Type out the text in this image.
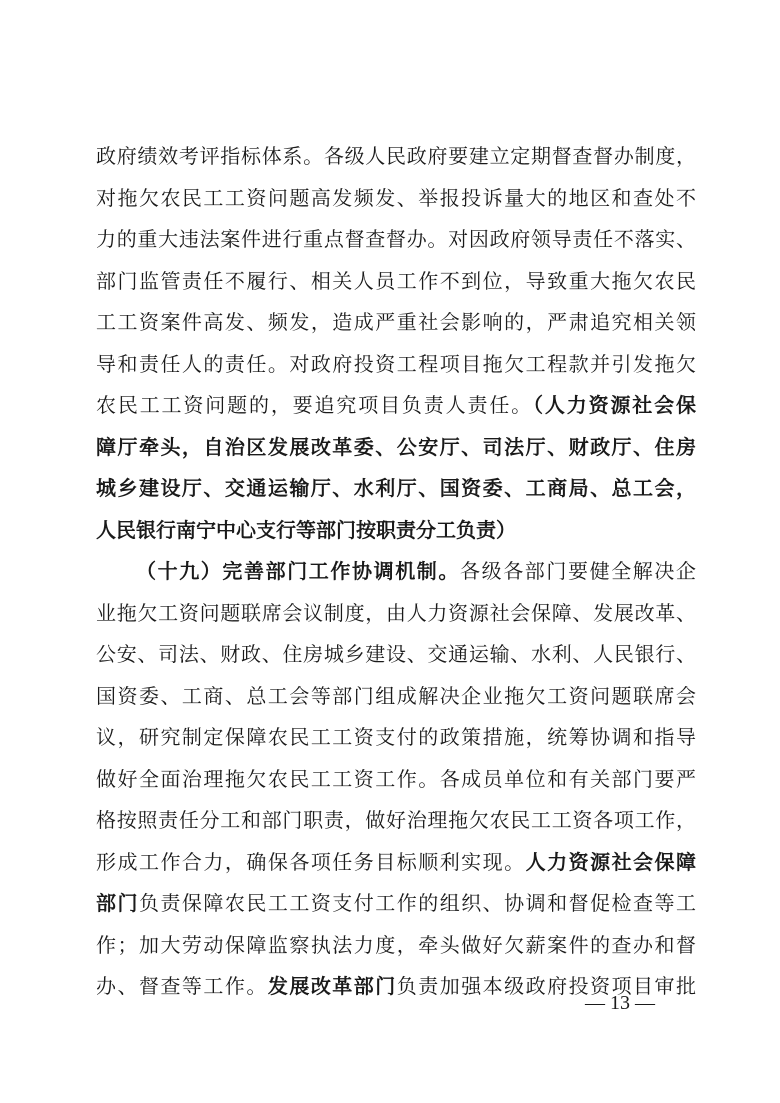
政府绩效考评指标体系。各级人民政府要建立定期督查督办制度，
对拖欠农民工工资问题高发频发、举报投诉量大的地区和查处不
力的重大违法案件进行重点督查督办。对因政府领导责任不落实、
部门监管责任不履行、相关人员工作不到位，导致重大拖欠农民
工工资案件高发、频发，造成严重社会影响的，严肃追究相关领
导和责任人的责任。对政府投资工程项目拖欠工程款并引发拖欠
农民工工资问题的，要追究项目负责人责任。（人力资源社会保
障厅牵头，自治区发展改革委、公安厅、司法厅、财政厅、住房
城乡建设厅、交通运输厅、水利厅、国资委、工商局、总工会，
人民银行南宁中心支行等部门按职责分工负责）
（十九）完善部门工作协调机制。各级各部门要健全解决企
业拖欠工资问题联席会议制度，由人力资源社会保障、发展改革、
公安、司法、财政、住房城乡建设、交通运输、水利、人民银行、
国资委、工商、总工会等部门组成解决企业拖欠工资问题联席会
议，研究制定保障农民工工资支付的政策措施，统筹协调和指导
做好全面治理拖欠农民工工资工作。各成员单位和有关部门要严
格按照责任分工和部门职责，做好治理拖欠农民工工资各项工作，
形成工作合力，确保各项任务目标顺利实现。人力资源社会保障
部门负责保障农民工工资支付工作的组织、协调和督促检查等工
作；加大劳动保障监察执法力度，牵头做好欠薪案件的查办和督
办、督查等工作。发展改革部门负责加强本级政府投资项目审批
— 13 —
